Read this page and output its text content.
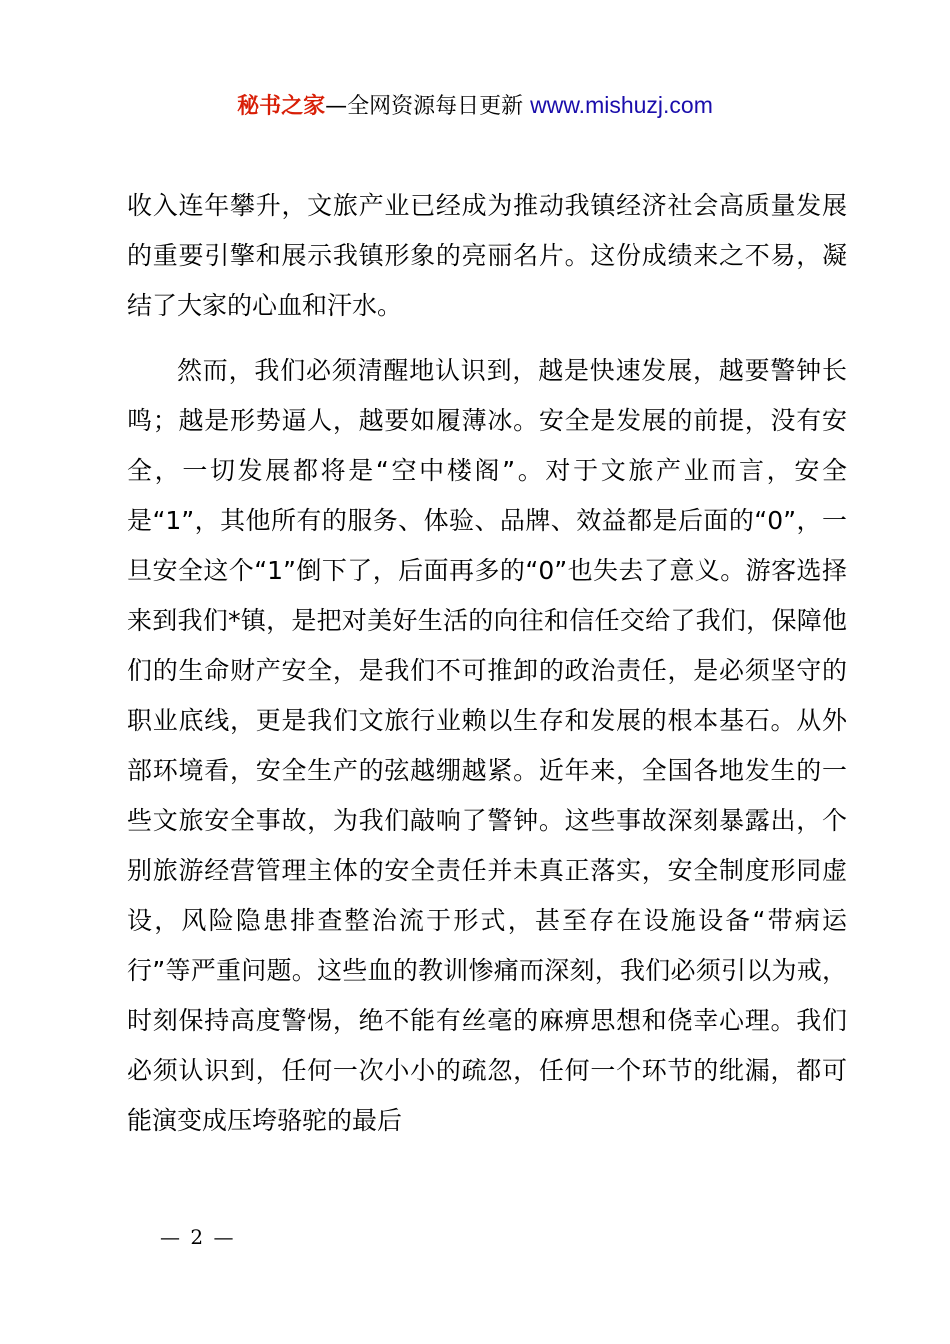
秘书之家—全网资源每日更新 www.mishuzj.com

收入连年攀升，文旅产业已经成为推动我镇经济社会高质量发展的重要引擎和展示我镇形象的亮丽名片。这份成绩来之不易，凝结了大家的心血和汗水。

然而，我们必须清醒地认识到，越是快速发展，越要警钟长鸣；越是形势逼人，越要如履薄冰。安全是发展的前提，没有安全，一切发展都将是“空中楼阁”。对于文旅产业而言，安全是“1”，其他所有的服务、体验、品牌、效益都是后面的“0”，一旦安全这个“1”倒下了，后面再多的“0”也失去了意义。游客选择来到我们*镇，是把对美好生活的向往和信任交给了我们，保障他们的生命财产安全，是我们不可推卸的政治责任，是必须坚守的职业底线，更是我们文旅行业赖以生存和发展的根本基石。从外部环境看，安全生产的弦越绷越紧。近年来，全国各地发生的一些文旅安全事故，为我们敲响了警钟。这些事故深刻暴露出，个别旅游经营管理主体的安全责任并未真正落实，安全制度形同虚设，风险隐患排查整治流于形式，甚至存在设施设备“带病运行”等严重问题。这些血的教训惨痛而深刻，我们必须引以为戒，时刻保持高度警惕，绝不能有丝毫的麻痹思想和侥幸心理。我们必须认识到，任何一次小小的疏忽，任何一个环节的纰漏，都可能演变成压垮骆驼的最后

— 2 —
